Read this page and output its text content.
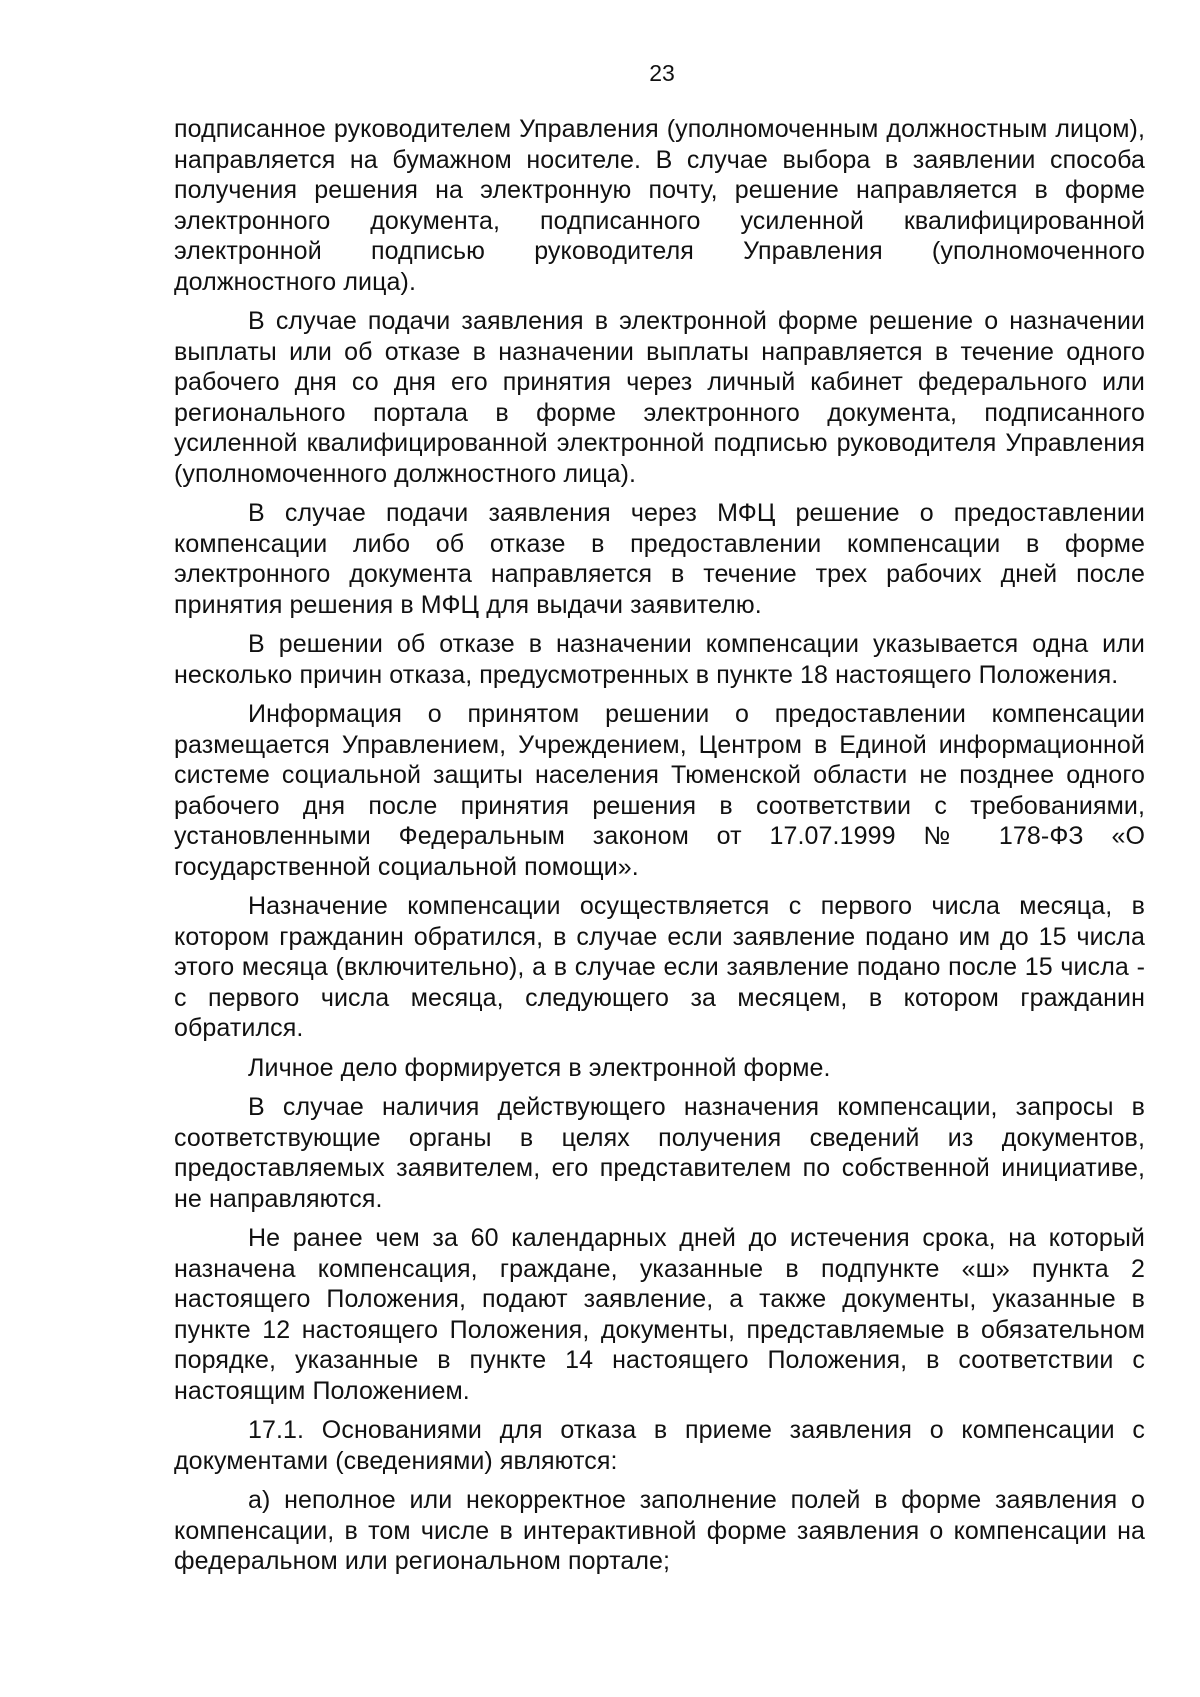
23

подписанное руководителем Управления (уполномоченным должностным лицом), направляется на бумажном носителе. В случае выбора в заявлении способа получения решения на электронную почту, решение направляется в форме электронного документа, подписанного усиленной квалифицированной электронной подписью руководителя Управления (уполномоченного должностного лица).

В случае подачи заявления в электронной форме решение о назначении выплаты или об отказе в назначении выплаты направляется в течение одного рабочего дня со дня его принятия через личный кабинет федерального или регионального портала в форме электронного документа, подписанного усиленной квалифицированной электронной подписью руководителя Управления (уполномоченного должностного лица).

В случае подачи заявления через МФЦ решение о предоставлении компенсации либо об отказе в предоставлении компенсации в форме электронного документа направляется в течение трех рабочих дней после принятия решения в МФЦ для выдачи заявителю.

В решении об отказе в назначении компенсации указывается одна или несколько причин отказа, предусмотренных в пункте 18 настоящего Положения.

Информация о принятом решении о предоставлении компенсации размещается Управлением, Учреждением, Центром в Единой информационной системе социальной защиты населения Тюменской области не позднее одного рабочего дня после принятия решения в соответствии с требованиями, установленными Федеральным законом от 17.07.1999 № 178-ФЗ «О государственной социальной помощи».

Назначение компенсации осуществляется с первого числа месяца, в котором гражданин обратился, в случае если заявление подано им до 15 числа этого месяца (включительно), а в случае если заявление подано после 15 числа - с первого числа месяца, следующего за месяцем, в котором гражданин обратился.

Личное дело формируется в электронной форме.

В случае наличия действующего назначения компенсации, запросы в соответствующие органы в целях получения сведений из документов, предоставляемых заявителем, его представителем по собственной инициативе, не направляются.

Не ранее чем за 60 календарных дней до истечения срока, на который назначена компенсация, граждане, указанные в подпункте «ш» пункта 2 настоящего Положения, подают заявление, а также документы, указанные в пункте 12 настоящего Положения, документы, представляемые в обязательном порядке, указанные в пункте 14 настоящего Положения, в соответствии с настоящим Положением.

17.1. Основаниями для отказа в приеме заявления о компенсации с документами (сведениями) являются:

а) неполное или некорректное заполнение полей в форме заявления о компенсации, в том числе в интерактивной форме заявления о компенсации на федеральном или региональном портале;
